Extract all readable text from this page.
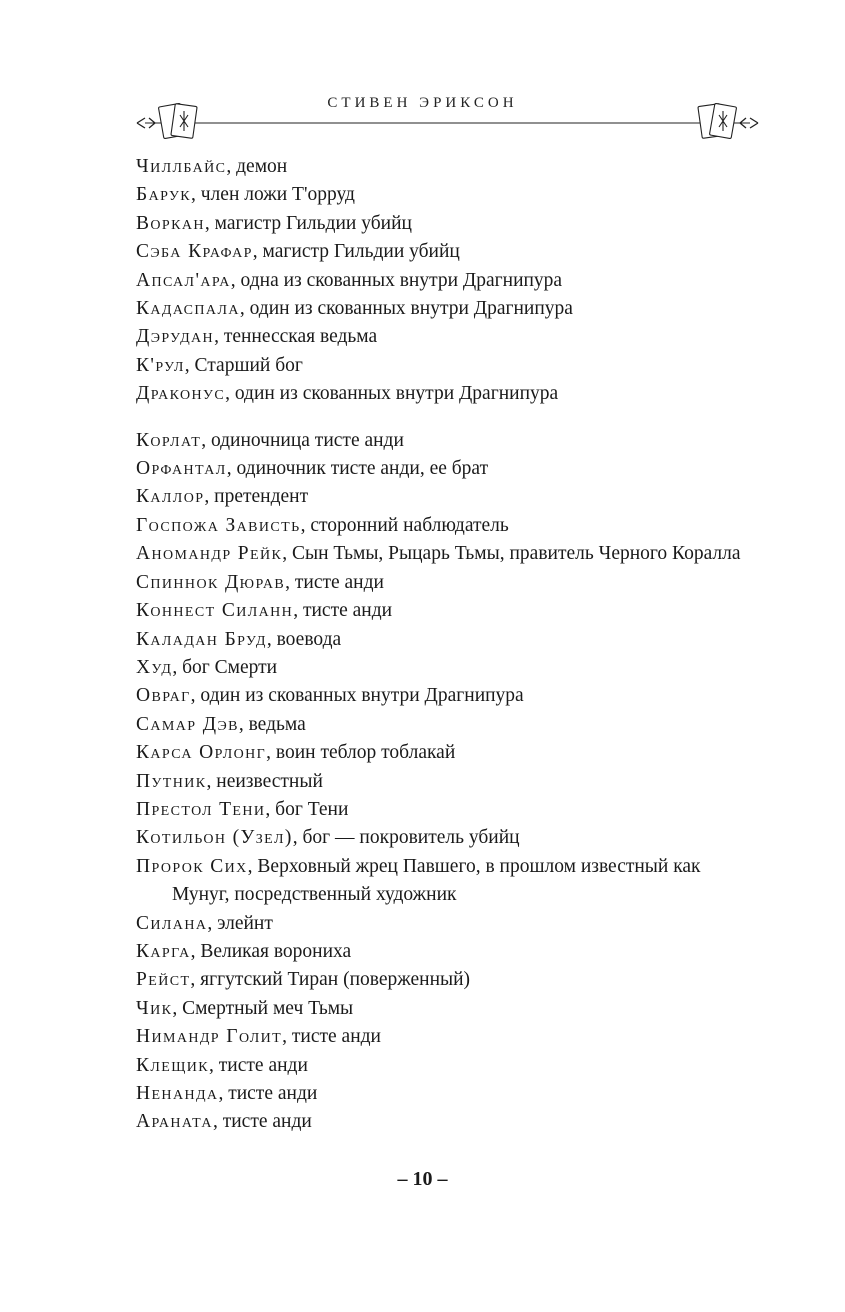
СТИВЕН ЭРИКСОН
Чиллбайс, демон
Барук, член ложи Т'орруд
Воркан, магистр Гильдии убийц
Сэба Крафар, магистр Гильдии убийц
Апсал'ара, одна из скованных внутри Драгнипура
Кадаспала, один из скованных внутри Драгнипура
Дэрудан, теннесская ведьма
К'рул, Старший бог
Драконус, один из скованных внутри Драгнипура
Корлат, одиночница тисте анди
Орфантал, одиночник тисте анди, ее брат
Каллор, претендент
Госпожа Зависть, сторонний наблюдатель
Аномандр Рейк, Сын Тьмы, Рыцарь Тьмы, правитель Черного Коралла
Спиннок Дюрав, тисте анди
Коннест Силанн, тисте анди
Каладан Бруд, воевода
Худ, бог Смерти
Овраг, один из скованных внутри Драгнипура
Самар Дэв, ведьма
Карса Орлонг, воин теблор тоблакай
Путник, неизвестный
Престол Тени, бог Тени
Котильон (Узел), бог — покровитель убийц
Пророк Сих, Верховный жрец Павшего, в прошлом известный как Мунуг, посредственный художник
Силана, элейнт
Карга, Великая ворониха
Рейст, яггутский Тиран (поверженный)
Чик, Смертный меч Тьмы
Нимандр Голит, тисте анди
Клещик, тисте анди
Ненанда, тисте анди
Араната, тисте анди
– 10 –
